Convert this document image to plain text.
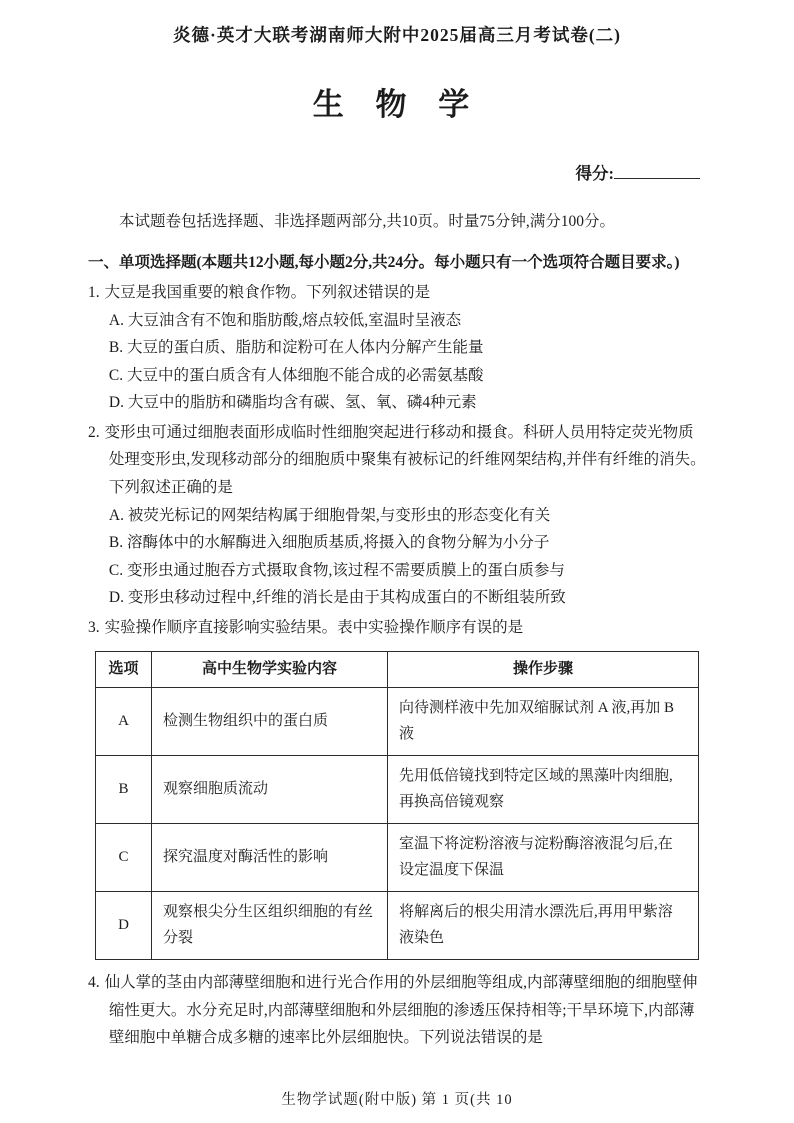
炎德·英才大联考湖南师大附中2025届高三月考试卷(二)
生 物 学
得分:

本试题卷包括选择题、非选择题两部分,共10页。时量75分钟,满分100分。

一、单项选择题(本题共12小题,每小题2分,共24分。每小题只有一个选项符合题目要求。)

1. 大豆是我国重要的粮食作物。下列叙述错误的是

A. 大豆油含有不饱和脂肪酸,熔点较低,室温时呈液态

B. 大豆的蛋白质、脂肪和淀粉可在人体内分解产生能量

C. 大豆中的蛋白质含有人体细胞不能合成的必需氨基酸

D. 大豆中的脂肪和磷脂均含有碳、氢、氧、磷4种元素

2. 变形虫可通过细胞表面形成临时性细胞突起进行移动和摄食。科研人员用特定荧光物质处理变形虫,发现移动部分的细胞质中聚集有被标记的纤维网架结构,并伴有纤维的消失。下列叙述正确的是

A. 被荧光标记的网架结构属于细胞骨架,与变形虫的形态变化有关

B. 溶酶体中的水解酶进入细胞质基质,将摄入的食物分解为小分子

C. 变形虫通过胞吞方式摄取食物,该过程不需要质膜上的蛋白质参与

D. 变形虫移动过程中,纤维的消长是由于其构成蛋白的不断组装所致

3. 实验操作顺序直接影响实验结果。表中实验操作顺序有误的是

选项	高中生物学实验内容	操作步骤
A	检测生物组织中的蛋白质	向待测样液中先加双缩脲试剂 A 液,再加 B 液
B	观察细胞质流动	先用低倍镜找到特定区域的黑藻叶肉细胞,再换高倍镜观察
C	探究温度对酶活性的影响	室温下将淀粉溶液与淀粉酶溶液混匀后,在设定温度下保温
D	观察根尖分生区组织细胞的有丝分裂	将解离后的根尖用清水漂洗后,再用甲紫溶液染色

4. 仙人掌的茎由内部薄壁细胞和进行光合作用的外层细胞等组成,内部薄壁细胞的细胞壁伸缩性更大。水分充足时,内部薄壁细胞和外层细胞的渗透压保持相等;干旱环境下,内部薄壁细胞中单糖合成多糖的速率比外层细胞快。下列说法错误的是

生物学试题(附中版) 第 1 页(共 10
